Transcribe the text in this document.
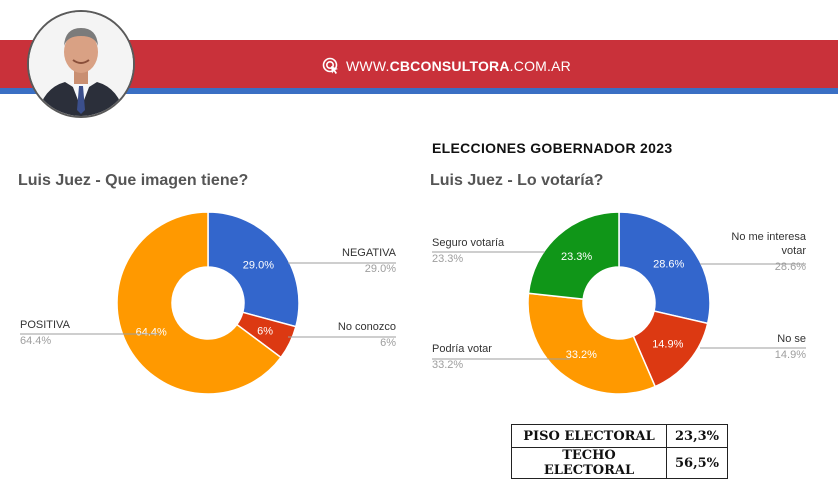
WWW. CBCONSULTORA .COM.AR
ELECCIONES GOBERNADOR 2023
Luis Juez - Que imagen tiene?	Luis Juez - Lo votaría?
29.0%
NEGATIVA
29.0%
6%	No conozco
6%
64.4%
POSITIVA
64.4%
28.6%
No me interesa
votar
28.6%
14.9%	No se
14.9%
33.2%
Podría votar
33.2%
23.3%
Seguro votaría
23.3%
PISO ELECTORAL	23,3%
TECHO ELECTORAL	56,5%
